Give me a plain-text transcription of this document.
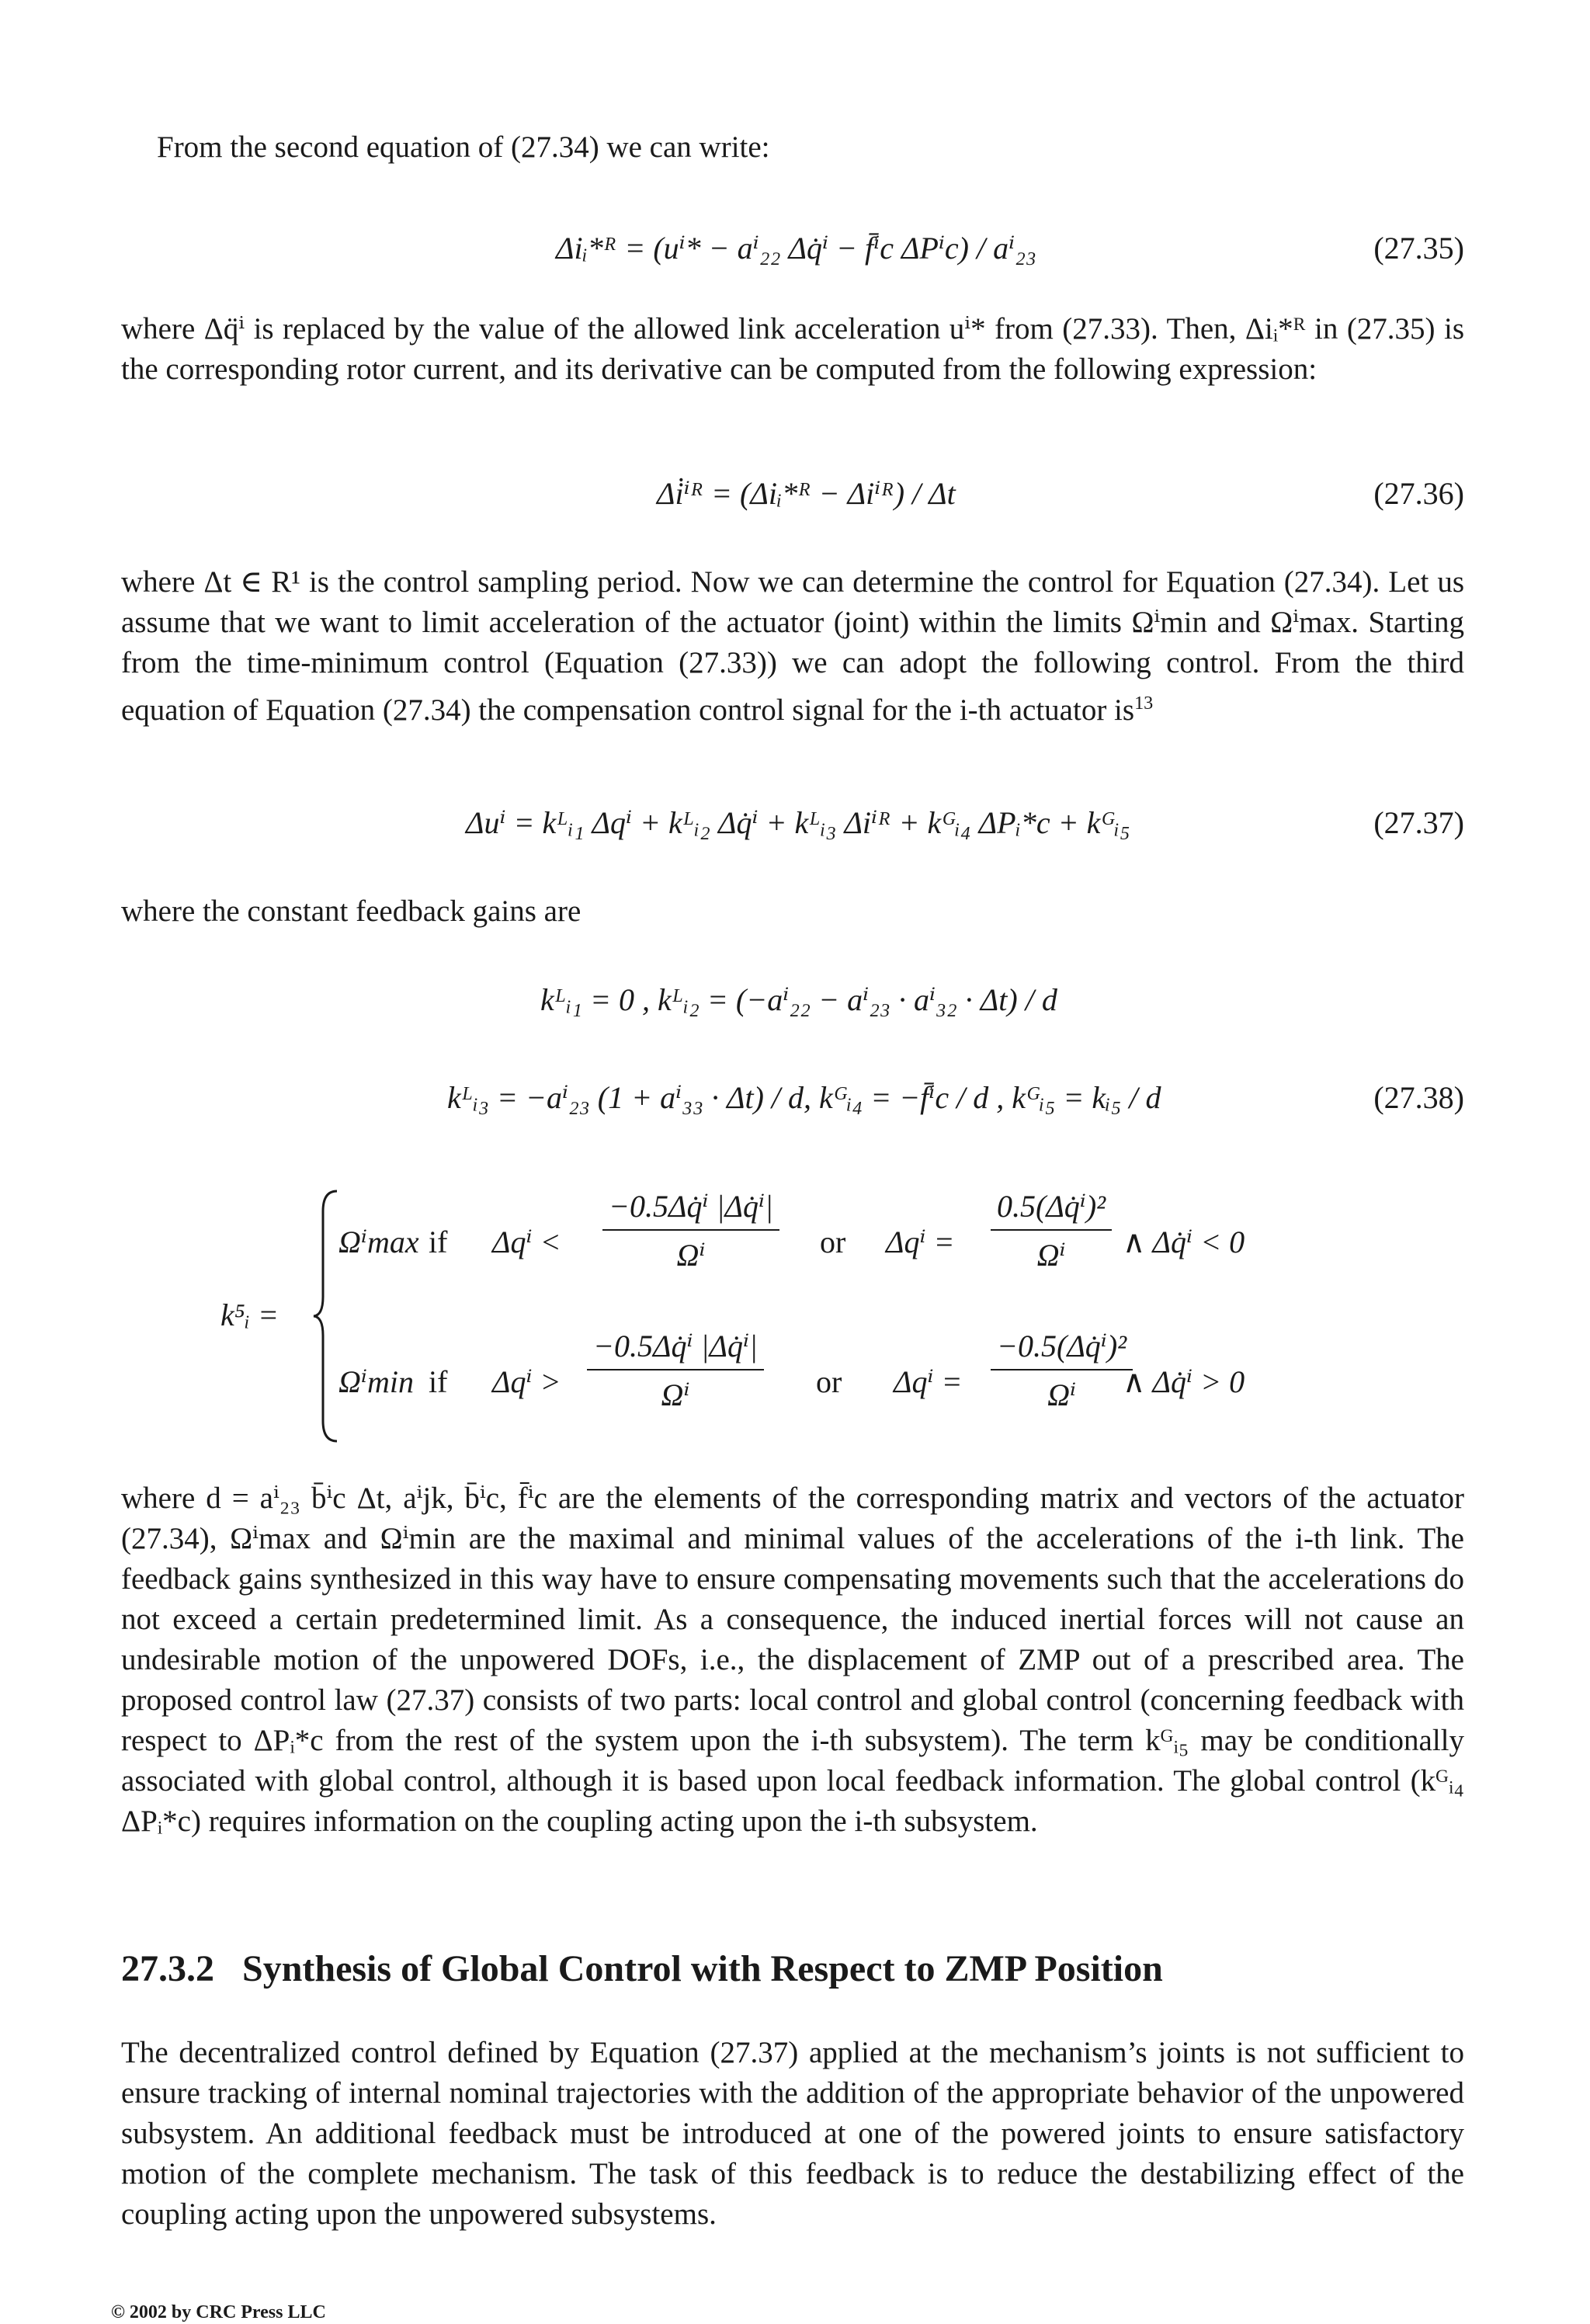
From the second equation of (27.34) we can write:

Δiᵢ*ᴿ = (uⁱ* − aⁱ₂₂ Δq̇ⁱ − f̄ⁱc ΔPⁱc) / aⁱ₂₃	(27.35)

where Δq̈ⁱ is replaced by the value of the allowed link acceleration uⁱ* from (27.33). Then, Δiᵢ*ᴿ in (27.35) is the corresponding rotor current, and its derivative can be computed from the following expression:

Δi̇ⁱᴿ = (Δiᵢ*ᴿ − Δiⁱᴿ) / Δt	(27.36)

where Δt ∈ R¹ is the control sampling period. Now we can determine the control for Equation (27.34). Let us assume that we want to limit acceleration of the actuator (joint) within the limits Ωⁱmin and Ωⁱmax. Starting from the time-minimum control (Equation (27.33)) we can adopt the following control. From the third equation of Equation (27.34) the compensation control signal for the i-th actuator $is^{13}$

Δuⁱ = kᴸᵢ₁ Δqⁱ + kᴸᵢ₂ Δq̇ⁱ + kᴸᵢ₃ Δiⁱᴿ + kᴳᵢ₄ ΔPᵢ*c + kᴳᵢ₅	(27.37)

where the constant feedback gains are

kᴸᵢ₁ = 0 , kᴸᵢ₂ = (−aⁱ₂₂ − aⁱ₂₃ · aⁱ₃₂ · Δt) / d
kᴸᵢ₃ = −aⁱ₂₃ (1 + aⁱ₃₃ · Δt) / d, kᴳᵢ₄ = −f̄ⁱc / d , kᴳᵢ₅ = kᵢ₅ / d	(27.38)
k⁵ᵢ =
Ωⁱmax if $\Delta q^i < \frac{\text{−0.5Δq̇ⁱ |Δq̇ⁱ|}}{\text{Ωⁱ}}$ or $\Delta q^i = \frac{\text{0.5(Δq̇ⁱ)²}}{\text{Ωⁱ}}$ ∧ Δq̇ⁱ < 0
Ωⁱmin if $\Delta q^i > \frac{\text{−0.5Δq̇ⁱ |Δq̇ⁱ|}}{\text{Ωⁱ}}$ or $\Delta q^i = \frac{\text{−0.5(Δq̇ⁱ)²}}{\text{Ωⁱ}}$
∧ Δq̇ⁱ > 0

where d = aⁱ₂₃ b̄ⁱc Δt, aⁱjk, b̄ⁱc, f̄ⁱc are the elements of the corresponding matrix and vectors of the actuator (27.34), Ωⁱmax and Ωⁱmin are the maximal and minimal values of the accelerations of the i-th link. The feedback gains synthesized in this way have to ensure compensating movements such that the accelerations do not exceed a certain predetermined limit. As a consequence, the induced inertial forces will not cause an undesirable motion of the unpowered DOFs, i.e., the displacement of ZMP out of a prescribed area. The proposed control law (27.37) consists of two parts: local control and global control (concerning feedback with respect to ΔPᵢ*c from the rest of the system upon the i-th subsystem). The term kᴳᵢ₅ may be conditionally associated with global control, although it is based upon local feedback information. The global control (kᴳᵢ₄ ΔPᵢ*c) requires information on the coupling acting upon the i-th subsystem.

27.3.2 Synthesis of Global Control with Respect to ZMP Position

The decentralized control defined by Equation (27.37) applied at the mechanism’s joints is not sufficient to ensure tracking of internal nominal trajectories with the addition of the appropriate behavior of the unpowered subsystem. An additional feedback must be introduced at one of the powered joints to ensure satisfactory motion of the complete mechanism. The task of this feedback is to reduce the destabilizing effect of the coupling acting upon the unpowered subsystems.

© 2002 by CRC Press LLC
